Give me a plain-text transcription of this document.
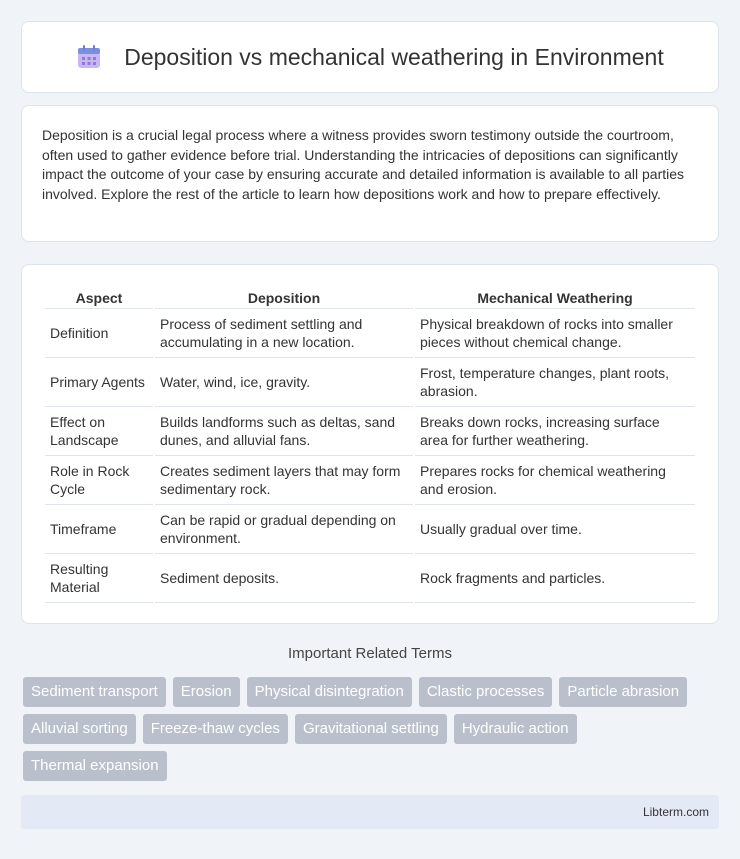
Deposition vs mechanical weathering in Environment

Deposition is a crucial legal process where a witness provides sworn testimony outside the courtroom, often used to gather evidence before trial. Understanding the intricacies of depositions can significantly impact the outcome of your case by ensuring accurate and detailed information is available to all parties involved. Explore the rest of the article to learn how depositions work and how to prepare effectively.

Aspect	Deposition	Mechanical Weathering
Definition	Process of sediment settling and accumulating in a new location.	Physical breakdown of rocks into smaller pieces without chemical change.
Primary Agents	Water, wind, ice, gravity.	Frost, temperature changes, plant roots, abrasion.
Effect on Landscape	Builds landforms such as deltas, sand dunes, and alluvial fans.	Breaks down rocks, increasing surface area for further weathering.
Role in Rock Cycle	Creates sediment layers that may form sedimentary rock.	Prepares rocks for chemical weathering and erosion.
Timeframe	Can be rapid or gradual depending on environment.	Usually gradual over time.
Resulting Material	Sediment deposits.	Rock fragments and particles.
Important Related Terms
Sediment transport	Erosion	Physical disintegration	Clastic processes	Particle abrasion
Alluvial sorting	Freeze-thaw cycles	Gravitational settling	Hydraulic action
Thermal expansion
Libterm.com
